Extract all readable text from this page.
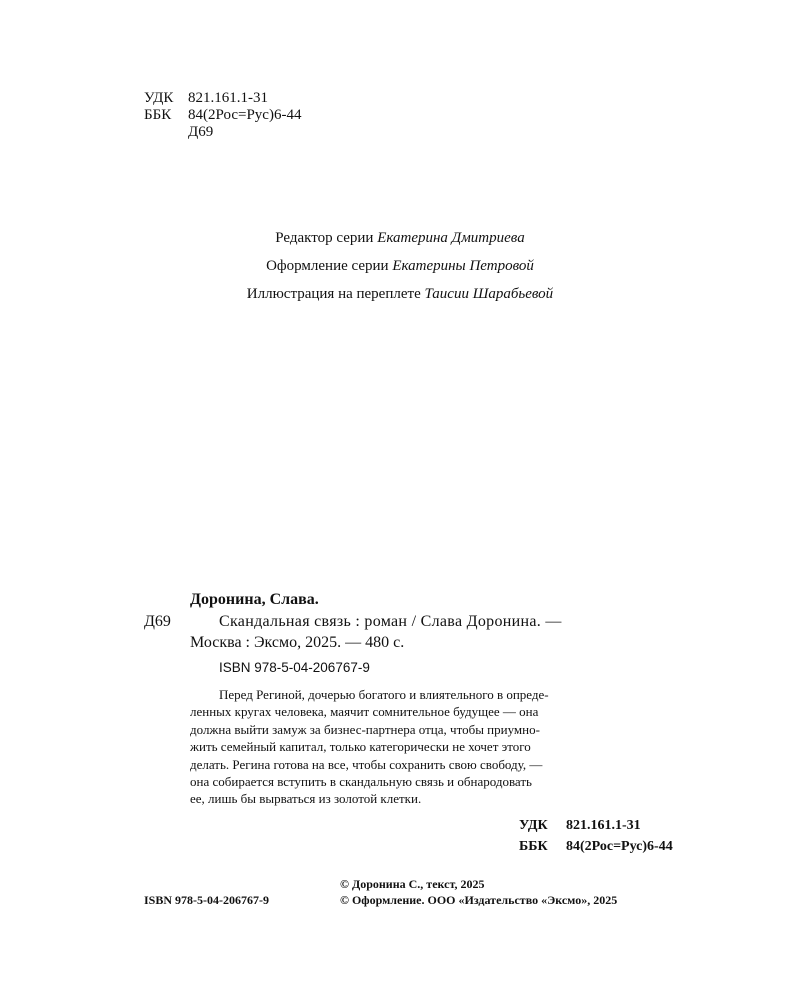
УДК 821.161.1-31
ББК 84(2Рос=Рус)6-44
Д69
Редактор серии Екатерина Дмитриева
Оформление серии Екатерины Петровой
Иллюстрация на переплете Таисии Шарабьевой
Доронина, Слава.
Д69	Скандальная связь : роман / Слава Доронина. —
Москва : Эксмо, 2025. — 480 с.
ISBN 978-5-04-206767-9
Перед Региной, дочерью богатого и влиятельного в опреде-
ленных кругах человека, маячит сомнительное будущее — она
должна выйти замуж за бизнес-партнера отца, чтобы приумно-
жить семейный капитал, только категорически не хочет этого
делать. Регина готова на все, чтобы сохранить свою свободу, —
она собирается вступить в скандальную связь и обнародовать
ее, лишь бы вырваться из золотой клетки.
УДК 821.161.1-31
ББК 84(2Рос=Рус)6-44
© Доронина С., текст, 2025
© Оформление. ООО «Издательство «Эксмо», 2025
ISBN 978-5-04-206767-9
